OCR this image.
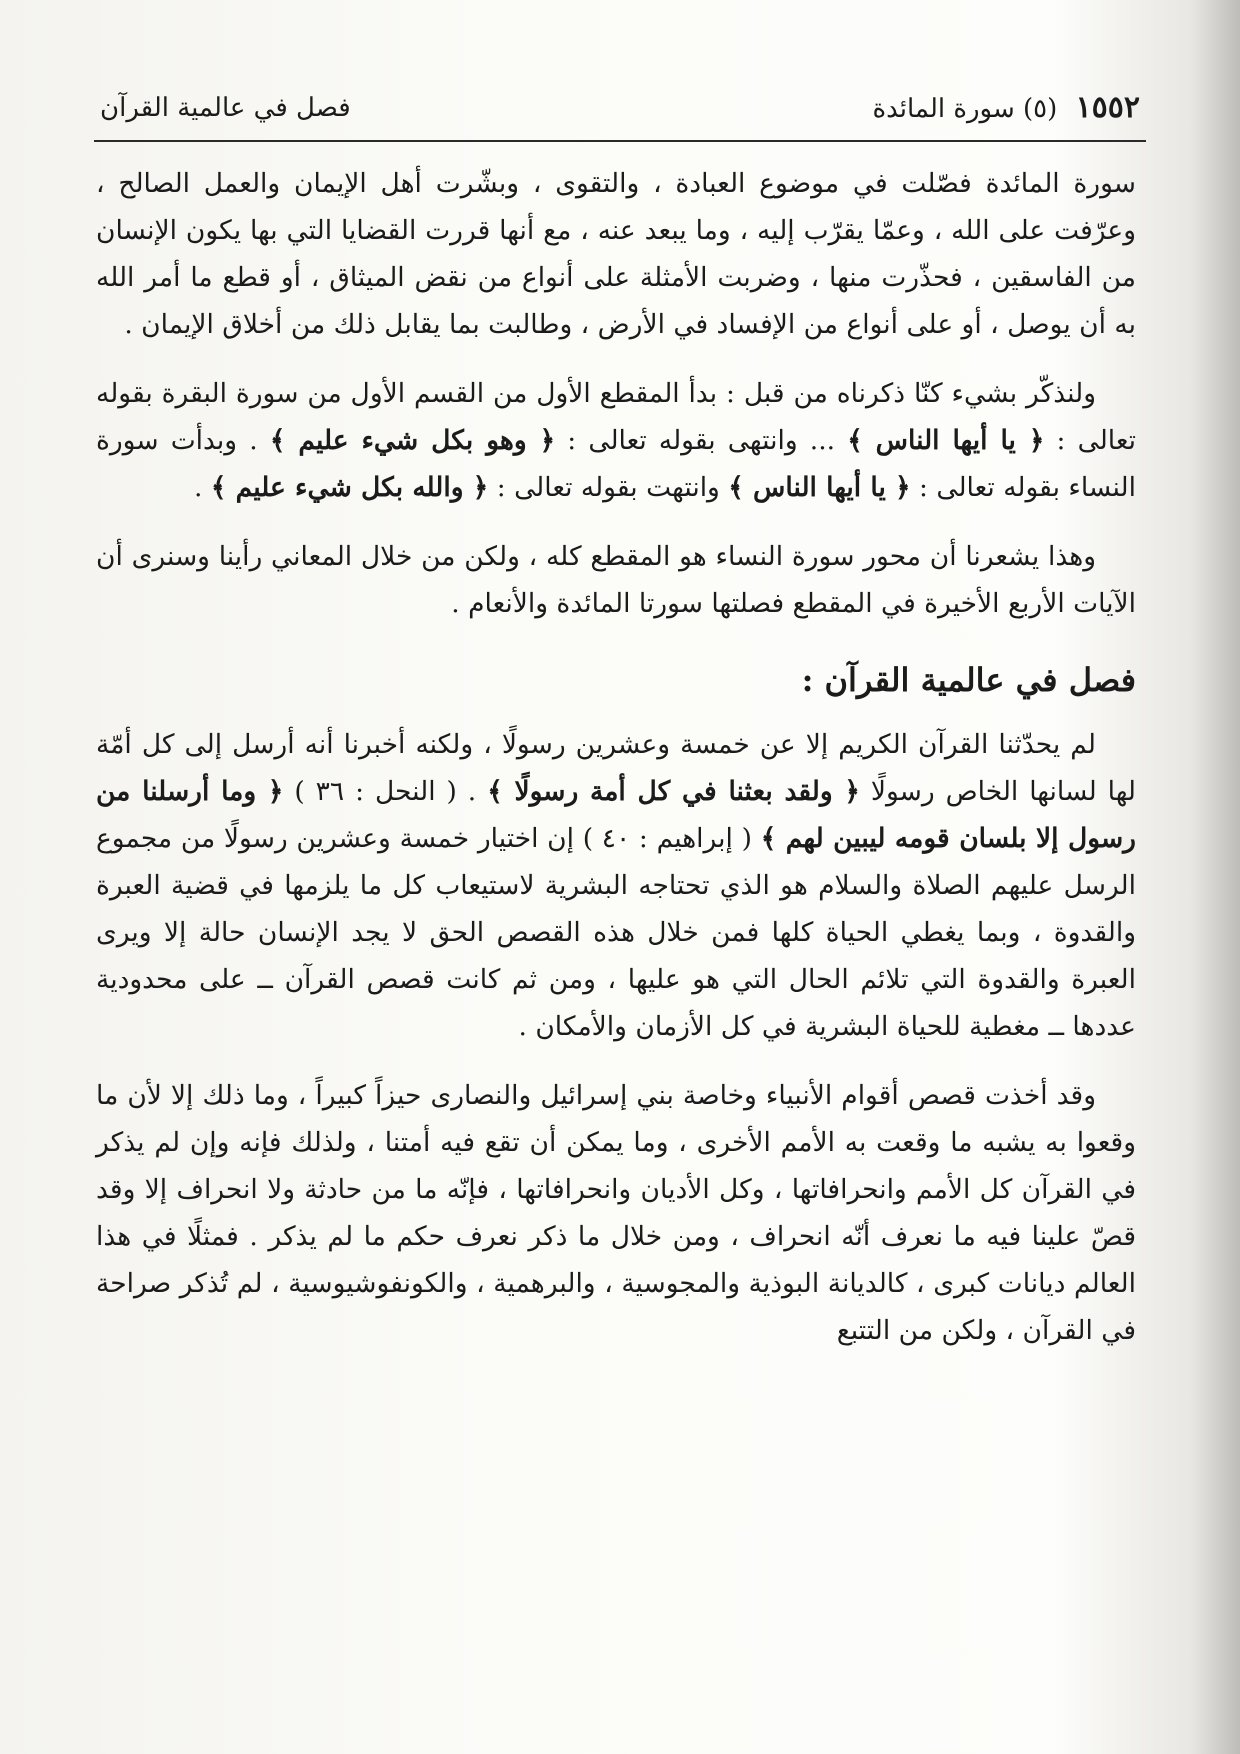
١٥٥٢ (٥) سورة المائدة
فصل في عالمية القرآن

سورة المائدة فصّلت في موضوع العبادة ، والتقوى ، وبشّرت أهل الإيمان والعمل الصالح ، وعرّفت على الله ، وعمّا يقرّب إليه ، وما يبعد عنه ، مع أنها قررت القضايا التي بها يكون الإنسان من الفاسقين ، فحذّرت منها ، وضربت الأمثلة على أنواع من نقض الميثاق ، أو قطع ما أمر الله به أن يوصل ، أو على أنواع من الإفساد في الأرض ، وطالبت بما يقابل ذلك من أخلاق الإيمان .

ولنذكّر بشيء كنّا ذكرناه من قبل : بدأ المقطع الأول من القسم الأول من سورة البقرة بقوله تعالى : ﴿ يا أيها الناس ﴾ ... وانتهى بقوله تعالى : ﴿ وهو بكل شيء عليم ﴾ . وبدأت سورة النساء بقوله تعالى : ﴿ يا أيها الناس ﴾ وانتهت بقوله تعالى : ﴿ والله بكل شيء عليم ﴾ .

وهذا يشعرنا أن محور سورة النساء هو المقطع كله ، ولكن من خلال المعاني رأينا وسنرى أن الآيات الأربع الأخيرة في المقطع فصلتها سورتا المائدة والأنعام .

فصل في عالمية القرآن :

لم يحدّثنا القرآن الكريم إلا عن خمسة وعشرين رسولًا ، ولكنه أخبرنا أنه أرسل إلى كل أمّة لها لسانها الخاص رسولًا ﴿ ولقد بعثنا في كل أمة رسولًا ﴾ . ( النحل : ٣٦ ) ﴿ وما أرسلنا من رسول إلا بلسان قومه ليبين لهم ﴾ ( إبراهيم : ٤٠ ) إن اختيار خمسة وعشرين رسولًا من مجموع الرسل عليهم الصلاة والسلام هو الذي تحتاجه البشرية لاستيعاب كل ما يلزمها في قضية العبرة والقدوة ، وبما يغطي الحياة كلها فمن خلال هذه القصص الحق لا يجد الإنسان حالة إلا ويرى العبرة والقدوة التي تلائم الحال التي هو عليها ، ومن ثم كانت قصص القرآن ــ على محدودية عددها ــ مغطية للحياة البشرية في كل الأزمان والأمكان .

وقد أخذت قصص أقوام الأنبياء وخاصة بني إسرائيل والنصارى حيزاً كبيراً ، وما ذلك إلا لأن ما وقعوا به يشبه ما وقعت به الأمم الأخرى ، وما يمكن أن تقع فيه أمتنا ، ولذلك فإنه وإن لم يذكر في القرآن كل الأمم وانحرافاتها ، وكل الأديان وانحرافاتها ، فإنّه ما من حادثة ولا انحراف إلا وقد قصّ علينا فيه ما نعرف أنّه انحراف ، ومن خلال ما ذكر نعرف حكم ما لم يذكر . فمثلًا في هذا العالم ديانات كبرى ، كالديانة البوذية والمجوسية ، والبرهمية ، والكونفوشيوسية ، لم تُذكر صراحة في القرآن ، ولكن من التتبع
